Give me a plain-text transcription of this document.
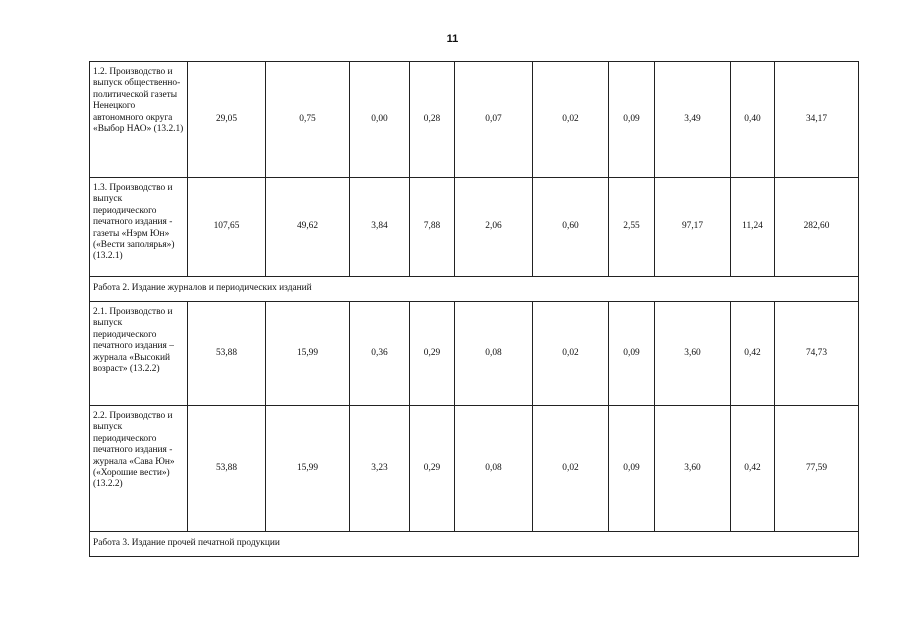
11
1.2. Производство и выпуск общественно-политической газеты Ненецкого автономного округа «Выбор НАО» (13.2.1)	29,05	0,75	0,00	0,28	0,07	0,02	0,09	3,49	0,40	34,17
1.3. Производство и выпуск периодического печатного издания - газеты «Нэрм Юн» («Вести заполярья») (13.2.1)	107,65	49,62	3,84	7,88	2,06	0,60	2,55	97,17	11,24	282,60
Работа 2. Издание журналов и периодических изданий										
2.1. Производство и выпуск периодического печатного издания – журнала «Высокий возраст» (13.2.2)	53,88	15,99	0,36	0,29	0,08	0,02	0,09	3,60	0,42	74,73
2.2. Производство и выпуск периодического печатного издания - журнала «Сава Юн» («Хорошие вести») (13.2.2)	53,88	15,99	3,23	0,29	0,08	0,02	0,09	3,60	0,42	77,59
Работа 3. Издание прочей печатной продукции										
